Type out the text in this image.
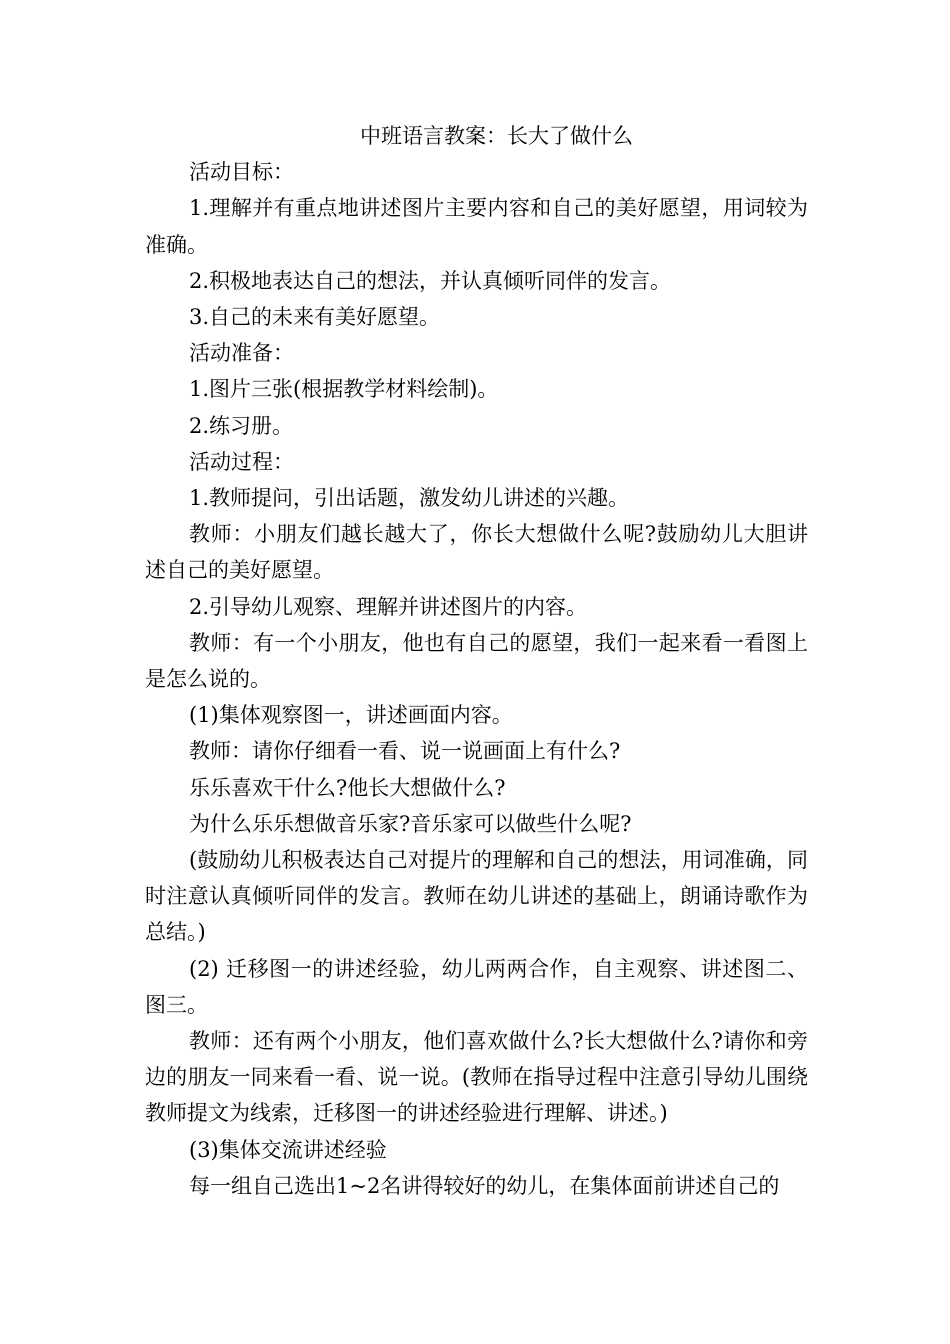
中班语言教案：长大了做什么

活动目标：

1.理解并有重点地讲述图片主要内容和自己的美好愿望，用词较为准确。

2.积极地表达自己的想法，并认真倾听同伴的发言。

3.自己的未来有美好愿望。

活动准备：

1.图片三张(根据教学材料绘制)。

2.练习册。

活动过程：

1.教师提问，引出话题，激发幼儿讲述的兴趣。

教师：小朋友们越长越大了，你长大想做什么呢?鼓励幼儿大胆讲述自己的美好愿望。

2.引导幼儿观察、理解并讲述图片的内容。

教师：有一个小朋友，他也有自己的愿望，我们一起来看一看图上是怎么说的。

(1)集体观察图一，讲述画面内容。

教师：请你仔细看一看、说一说画面上有什么?

乐乐喜欢干什么?他长大想做什么?

为什么乐乐想做音乐家?音乐家可以做些什么呢?

(鼓励幼儿积极表达自己对提片的理解和自己的想法，用词准确，同时注意认真倾听同伴的发言。教师在幼儿讲述的基础上，朗诵诗歌作为总结。)

(2) 迁移图一的讲述经验，幼儿两两合作，自主观察、讲述图二、图三。

教师：还有两个小朋友，他们喜欢做什么?长大想做什么?请你和旁边的朋友一同来看一看、说一说。(教师在指导过程中注意引导幼儿围绕教师提文为线索，迁移图一的讲述经验进行理解、讲述。)

(3)集体交流讲述经验

每一组自己选出1~2名讲得较好的幼儿，在集体面前讲述自己的
